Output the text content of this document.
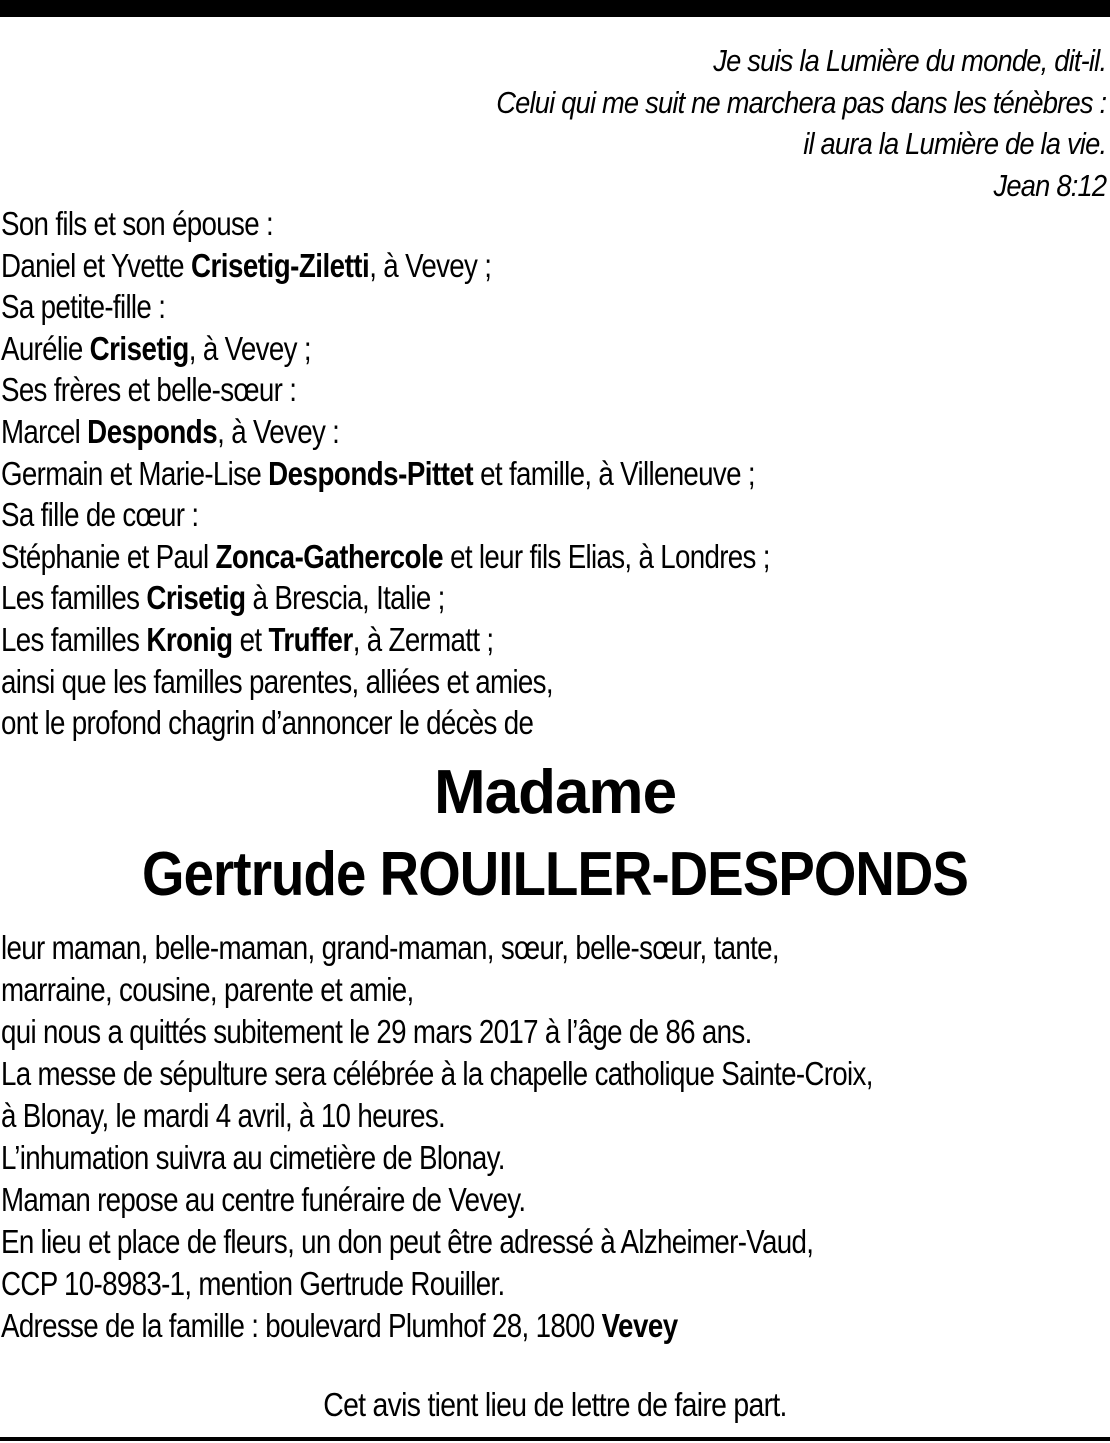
Je suis la Lumière du monde, dit-il.
Celui qui me suit ne marchera pas dans les ténèbres :
il aura la Lumière de la vie.
Jean 8:12
Son fils et son épouse :
Daniel et Yvette Crisetig-Ziletti, à Vevey ;
Sa petite-fille :
Aurélie Crisetig, à Vevey ;
Ses frères et belle-sœur :
Marcel Desponds, à Vevey :
Germain et Marie-Lise Desponds-Pittet et famille, à Villeneuve ;
Sa fille de cœur :
Stéphanie et Paul Zonca-Gathercole et leur fils Elias, à Londres ;
Les familles Crisetig à Brescia, Italie ;
Les familles Kronig et Truffer, à Zermatt ;
ainsi que les familles parentes, alliées et amies,
ont le profond chagrin d’annoncer le décès de
Madame
Gertrude ROUILLER-DESPONDS
leur maman, belle-maman, grand-maman, sœur, belle-sœur, tante,
marraine, cousine, parente et amie,
qui nous a quittés subitement le 29 mars 2017 à l’âge de 86 ans.
La messe de sépulture sera célébrée à la chapelle catholique Sainte-Croix,
à Blonay, le mardi 4 avril, à 10 heures.
L’inhumation suivra au cimetière de Blonay.
Maman repose au centre funéraire de Vevey.
En lieu et place de fleurs, un don peut être adressé à Alzheimer-Vaud,
CCP 10-8983-1, mention Gertrude Rouiller.
Adresse de la famille : boulevard Plumhof 28, 1800 Vevey
Cet avis tient lieu de lettre de faire part.
